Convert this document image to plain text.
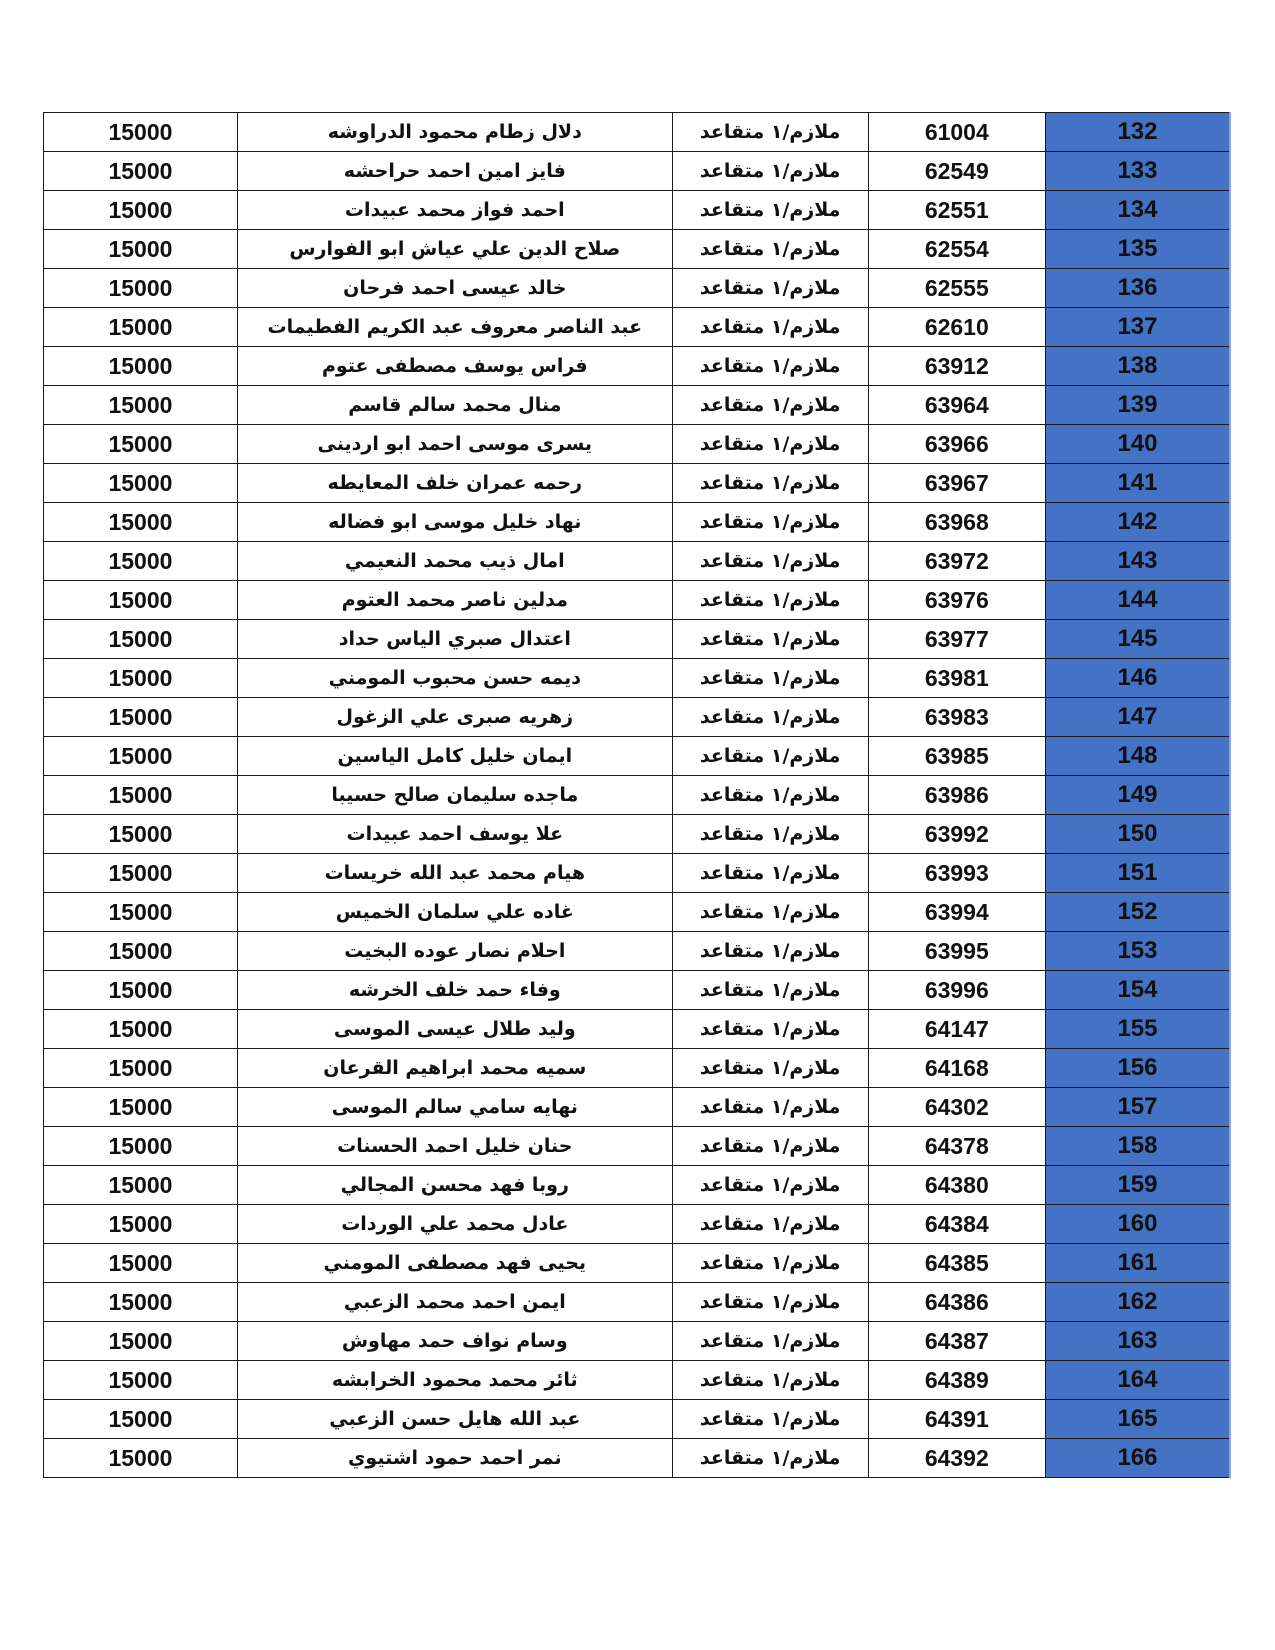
15000	دلال زطام محمود الدراوشه	ملازم/١ متقاعد	61004	132
15000	فايز امين احمد حراحشه	ملازم/١ متقاعد	62549	133
15000	احمد فواز محمد عبيدات	ملازم/١ متقاعد	62551	134
15000	صلاح الدين علي عياش ابو الفوارس	ملازم/١ متقاعد	62554	135
15000	خالد عيسى احمد فرحان	ملازم/١ متقاعد	62555	136
15000	عبد الناصر معروف عبد الكريم الفطيمات	ملازم/١ متقاعد	62610	137
15000	فراس يوسف مصطفى عتوم	ملازم/١ متقاعد	63912	138
15000	منال محمد سالم قاسم	ملازم/١ متقاعد	63964	139
15000	يسرى موسى احمد ابو اردينى	ملازم/١ متقاعد	63966	140
15000	رحمه عمران خلف المعايطه	ملازم/١ متقاعد	63967	141
15000	نهاد خليل موسى ابو فضاله	ملازم/١ متقاعد	63968	142
15000	امال ذيب محمد النعيمي	ملازم/١ متقاعد	63972	143
15000	مدلين ناصر محمد العتوم	ملازم/١ متقاعد	63976	144
15000	اعتدال صبري الياس حداد	ملازم/١ متقاعد	63977	145
15000	ديمه حسن محبوب المومني	ملازم/١ متقاعد	63981	146
15000	زهريه صبرى علي الزغول	ملازم/١ متقاعد	63983	147
15000	ايمان خليل كامل الياسين	ملازم/١ متقاعد	63985	148
15000	ماجده سليمان صالح حسيبا	ملازم/١ متقاعد	63986	149
15000	علا يوسف احمد عبيدات	ملازم/١ متقاعد	63992	150
15000	هيام محمد عبد الله خريسات	ملازم/١ متقاعد	63993	151
15000	غاده علي سلمان الخميس	ملازم/١ متقاعد	63994	152
15000	احلام نصار عوده البخيت	ملازم/١ متقاعد	63995	153
15000	وفاء حمد خلف الخرشه	ملازم/١ متقاعد	63996	154
15000	وليد طلال عيسى الموسى	ملازم/١ متقاعد	64147	155
15000	سميه محمد ابراهيم القرعان	ملازم/١ متقاعد	64168	156
15000	نهايه سامي سالم الموسى	ملازم/١ متقاعد	64302	157
15000	حنان خليل احمد الحسنات	ملازم/١ متقاعد	64378	158
15000	روبا فهد محسن المجالي	ملازم/١ متقاعد	64380	159
15000	عادل محمد علي الوردات	ملازم/١ متقاعد	64384	160
15000	يحيى فهد مصطفى المومني	ملازم/١ متقاعد	64385	161
15000	ايمن احمد محمد الزعبي	ملازم/١ متقاعد	64386	162
15000	وسام نواف حمد مهاوش	ملازم/١ متقاعد	64387	163
15000	ثائر محمد محمود الخرابشه	ملازم/١ متقاعد	64389	164
15000	عبد الله هايل حسن الزعبي	ملازم/١ متقاعد	64391	165
15000	نمر احمد حمود اشتيوي	ملازم/١ متقاعد	64392	166
